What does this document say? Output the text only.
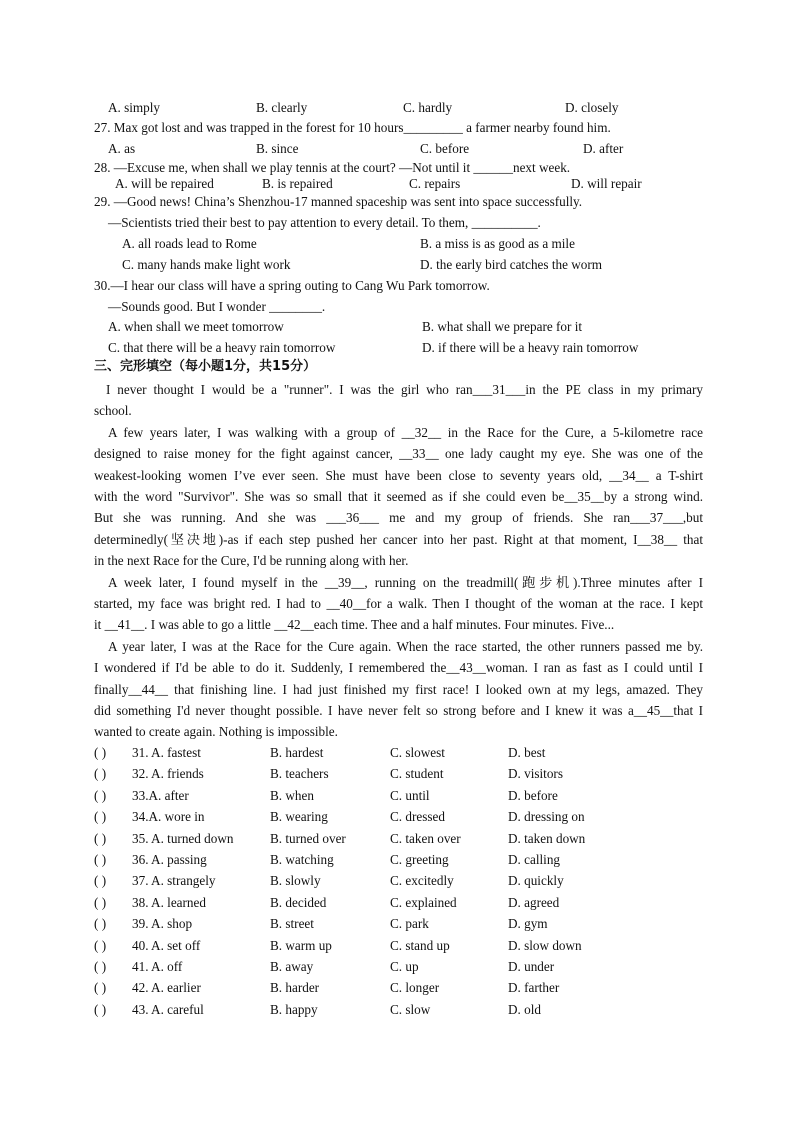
A. simply	B. clearly	C. hardly	D. closely
27. Max got lost and was trapped in the forest for 10 hours_________ a farmer nearby found him.
A. as	B. since	C. before	D. after
28. —Excuse me, when shall we play tennis at the court? —Not until it ______next week.
A. will be repaired	B. is repaired	C. repairs	D. will repair
29. —Good news! China’s Shenzhou-17 manned spaceship was sent into space successfully.
—Scientists tried their best to pay attention to every detail. To them, __________.
A. all roads lead to Rome	B. a miss is as good as a mile
C. many hands make light work	D. the early bird catches the worm
30.—I hear our class will have a spring outing to Cang Wu Park tomorrow.
—Sounds good. But I wonder ________.
A. when shall we meet tomorrow	B. what shall we prepare for it
C. that there will be a heavy rain tomorrow	D. if there will be a heavy rain tomorrow
三、完形填空（每小题1分，共15分）
I never thought I would be a "runner". I was the girl who ran___31___in the PE class in my primary
school.
A few years later, I was walking with a group of __32__ in the Race for the Cure, a 5-kilometre race
designed to raise money for the fight against cancer, __33__ one lady caught my eye. She was one of the
weakest-looking women I’ve ever seen. She must have been close to seventy years old, __34__ a T-shirt
with the word "Survivor". She was so small that it seemed as if she could even be__35__by a strong wind.
But she was running. And she was ___36___ me and my group of friends. She ran___37___,but
determinedly(坚决地)-as if each step pushed her cancer into her past. Right at that moment, I__38__ that
in the next Race for the Cure, I'd be running along with her.
A week later, I found myself in the __39__, running on the treadmill(跑步机).Three minutes after I
started, my face was bright red. I had to __40__for a walk. Then I thought of the woman at the race. I kept
it __41__. I was able to go a little __42__each time. Thee and a half minutes. Four minutes. Five...
A year later, I was at the Race for the Cure again. When the race started, the other runners passed me by.
I wondered if I'd be able to do it. Suddenly, I remembered the__43__woman. I ran as fast as I could until I
finally__44__ that finishing line. I had just finished my first race! I looked own at my legs, amazed. They
did something I'd never thought possible. I have never felt so strong before and I knew it was a__45__that I
wanted to create again. Nothing is impossible.
( ) 31. A. fastest	B. hardest	C. slowest	D. best
( ) 32. A. friends	B. teachers	C. student	D. visitors
( ) 33.A. after	B. when	C. until	D. before
( ) 34.A. wore in	B. wearing	C. dressed	D. dressing on
( ) 35. A. turned down	B. turned over	C. taken over	D. taken down
( ) 36. A. passing	B. watching	C. greeting	D. calling
( ) 37. A. strangely	B. slowly	C. excitedly	D. quickly
( ) 38. A. learned	B. decided	C. explained	D. agreed
( ) 39. A. shop	B. street	C. park	D. gym
( ) 40. A. set off	B. warm up	C. stand up	D. slow down
( ) 41. A. off	B. away	C. up	D. under
( ) 42. A. earlier	B. harder	C. longer	D. farther
( ) 43. A. careful	B. happy	C. slow	D. old
